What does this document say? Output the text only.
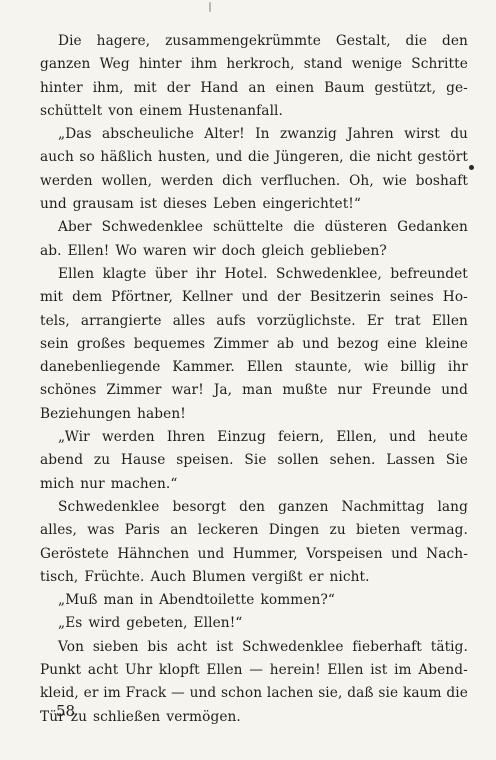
Die hagere, zusammengekrümmte Gestalt, die den
ganzen Weg hinter ihm herkroch, stand wenige Schritte
hinter ihm, mit der Hand an einen Baum gestützt, ge-
schüttelt von einem Hustenanfall.
„Das abscheuliche Alter! In zwanzig Jahren wirst du
auch so häßlich husten, und die Jüngeren, die nicht gestört
werden wollen, werden dich verfluchen. Oh, wie boshaft
und grausam ist dieses Leben eingerichtet!“
Aber Schwedenklee schüttelte die düsteren Gedanken
ab. Ellen! Wo waren wir doch gleich geblieben?
Ellen klagte über ihr Hotel. Schwedenklee, befreundet
mit dem Pförtner, Kellner und der Besitzerin seines Ho-
tels, arrangierte alles aufs vorzüglichste. Er trat Ellen
sein großes bequemes Zimmer ab und bezog eine kleine
danebenliegende Kammer. Ellen staunte, wie billig ihr
schönes Zimmer war! Ja, man mußte nur Freunde und
Beziehungen haben!
„Wir werden Ihren Einzug feiern, Ellen, und heute
abend zu Hause speisen. Sie sollen sehen. Lassen Sie
mich nur machen.“
Schwedenklee besorgt den ganzen Nachmittag lang
alles, was Paris an leckeren Dingen zu bieten vermag.
Geröstete Hähnchen und Hummer, Vorspeisen und Nach-
tisch, Früchte. Auch Blumen vergißt er nicht.
„Muß man in Abendtoilette kommen?“
„Es wird gebeten, Ellen!“
Von sieben bis acht ist Schwedenklee fieberhaft tätig.
Punkt acht Uhr klopft Ellen — herein! Ellen ist im Abend-
kleid, er im Frack — und schon lachen sie, daß sie kaum die
Tür zu schließen vermögen.
58
